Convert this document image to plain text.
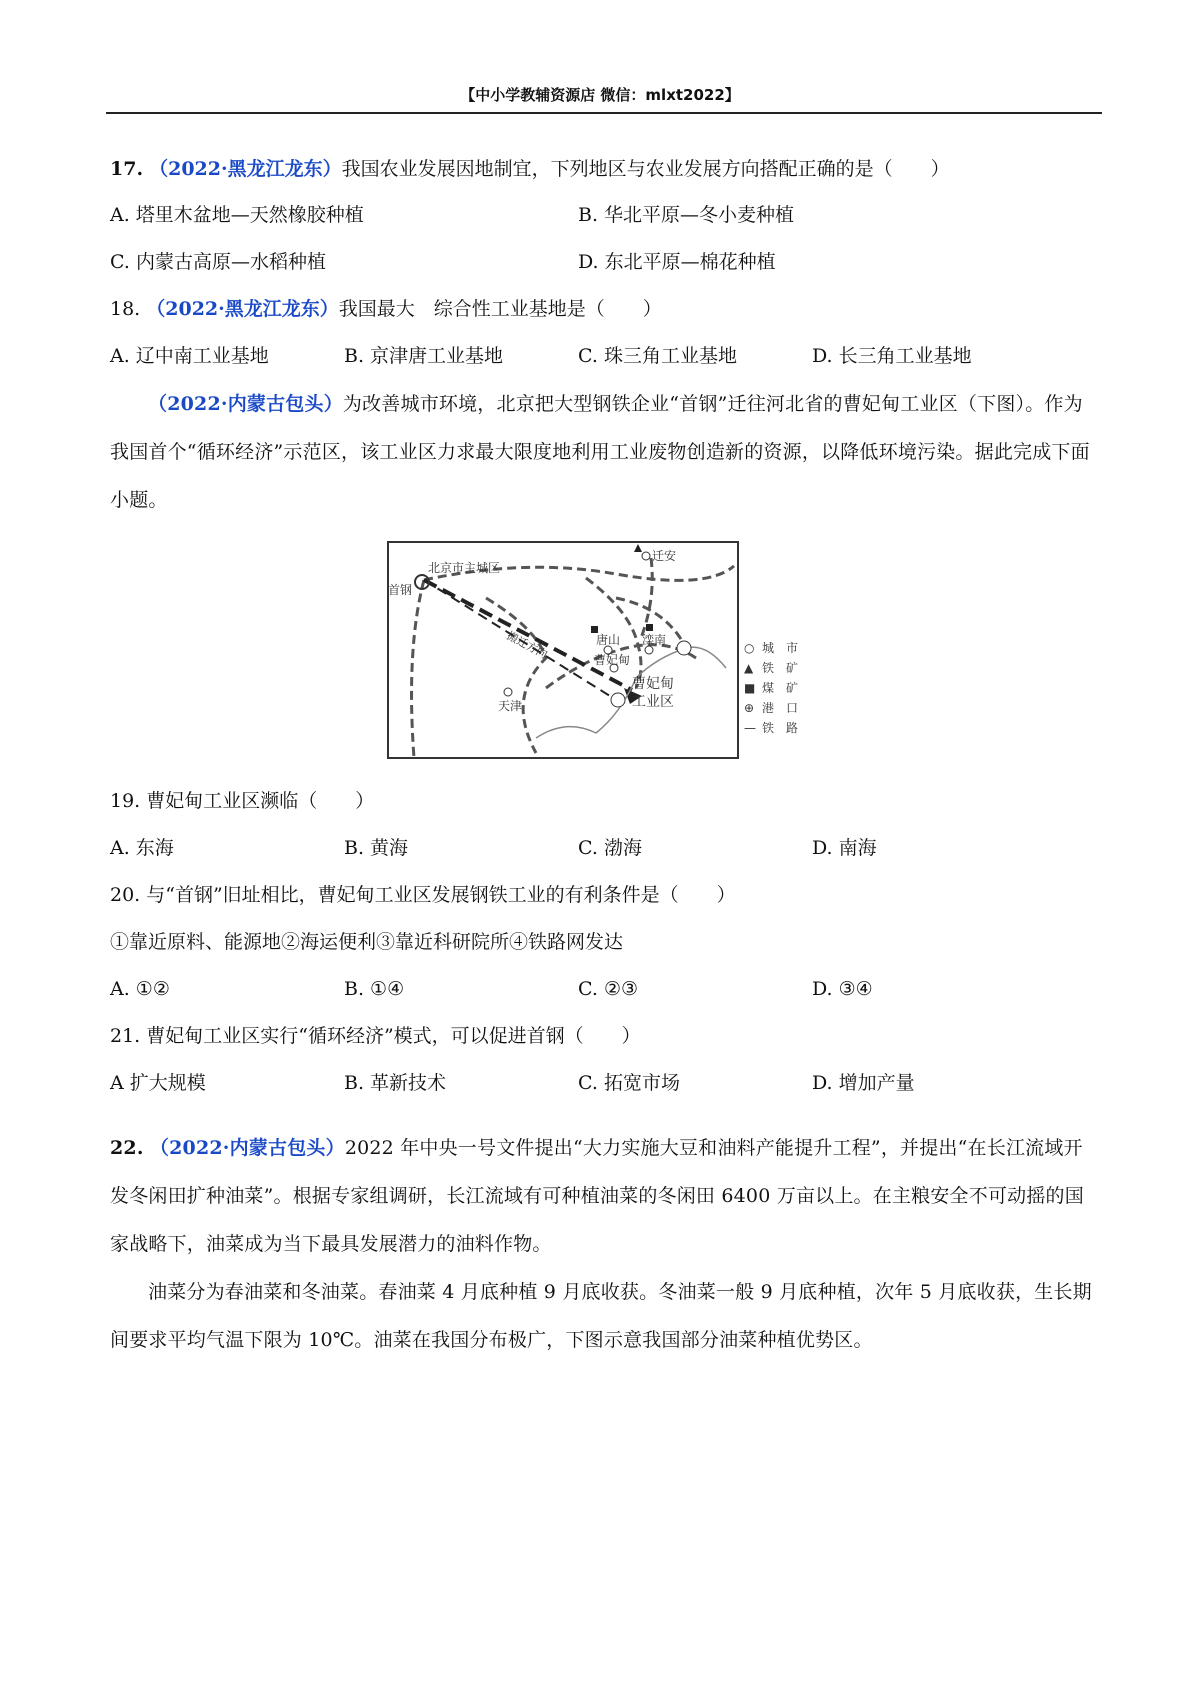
【中小学教辅资源店 微信：mlxt2022】
17. （2022·黑龙江龙东）我国农业发展因地制宜，下列地区与农业发展方向搭配正确的是（　　）
A. 塔里木盆地—天然橡胶种植	B. 华北平原—冬小麦种植
C. 内蒙古高原—水稻种植	D. 东北平原—棉花种植
18. （2022·黑龙江龙东）我国最大　综合性工业基地是（　　）
A. 辽中南工业基地	B. 京津唐工业基地	C. 珠三角工业基地	D. 长三角工业基地
（2022·内蒙古包头）为改善城市环境，北京把大型钢铁企业“首钢”迁往河北省的曹妃甸工业区（下图）。作为我国首个“循环经济”示范区，该工业区力求最大限度地利用工业废物创造新的资源，以降低环境污染。据此完成下面小题。
北京市主城区
首钢
迁安
唐山 滦南
曹妃甸
天津
曹妃甸
工业区
搬迁方向	○ 城　市
▲ 铁　矿
■ 煤　矿
⊕ 港　口
— 铁　路
19. 曹妃甸工业区濒临（　　）
A. 东海	B. 黄海	C. 渤海	D. 南海
20. 与“首钢”旧址相比，曹妃甸工业区发展钢铁工业的有利条件是（　　）
①靠近原料、能源地②海运便利③靠近科研院所④铁路网发达
A. ①②	B. ①④	C. ②③	D. ③④
21. 曹妃甸工业区实行“循环经济”模式，可以促进首钢（　　）
A 扩大规模	B. 革新技术	C. 拓宽市场	D. 增加产量
22. （2022·内蒙古包头）2022 年中央一号文件提出“大力实施大豆和油料产能提升工程”，并提出“在长江流域开发冬闲田扩种油菜”。根据专家组调研，长江流域有可种植油菜的冬闲田 6400 万亩以上。在主粮安全不可动摇的国家战略下，油菜成为当下最具发展潜力的油料作物。
油菜分为春油菜和冬油菜。春油菜 4 月底种植 9 月底收获。冬油菜一般 9 月底种植，次年 5 月底收获，生长期间要求平均气温下限为 10℃。油菜在我国分布极广，下图示意我国部分油菜种植优势区。
